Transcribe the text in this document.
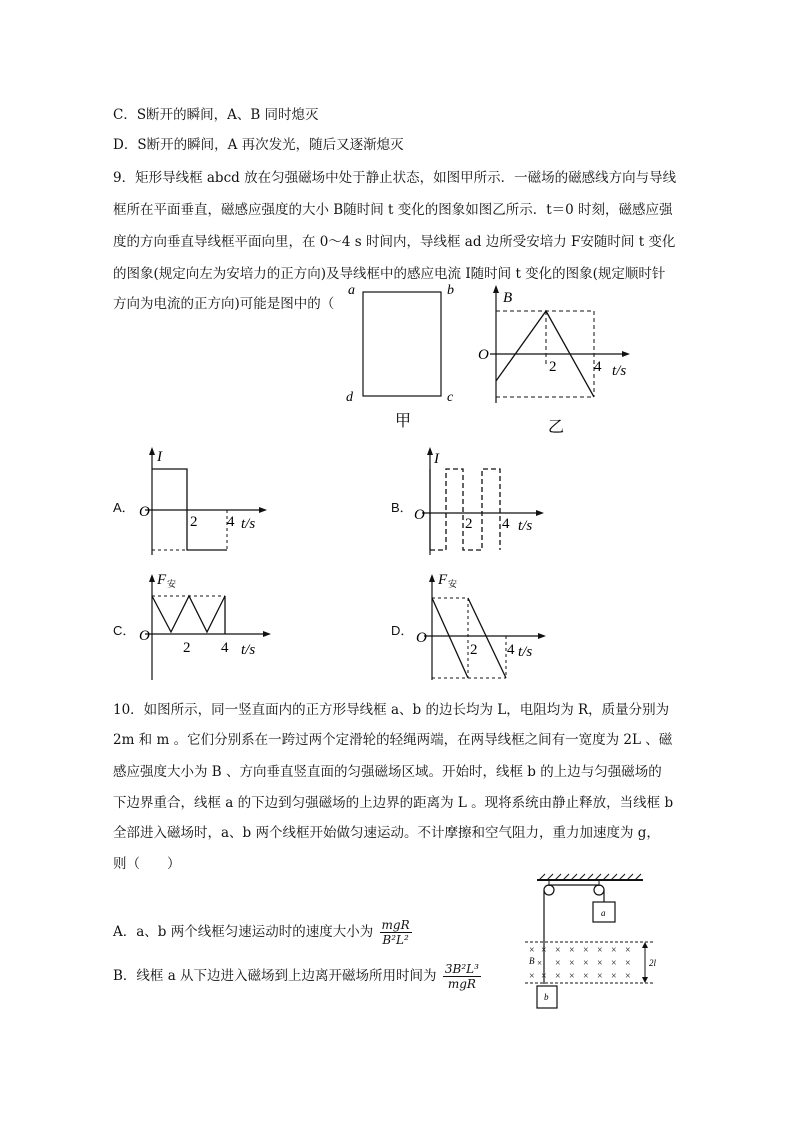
C．S断开的瞬间，A、B 同时熄灭
D．S断开的瞬间，A 再次发光，随后又逐渐熄灭
9．矩形导线框 abcd 放在匀强磁场中处于静止状态，如图甲所示．一磁场的磁感线方向与导线
框所在平面垂直，磁感应强度的大小 B随时间 t 变化的图象如图乙所示．t＝0 时刻，磁感应强
度的方向垂直导线框平面向里，在 0～4 s 时间内，导线框 ad 边所受安培力 F安随时间 t 变化
的图象(规定向左为安培力的正方向)及导线框中的感应电流 I随时间 t 变化的图象(规定顺时针
方向为电流的正方向)可能是图中的（
a	b
c
d
甲
B
O
2	4 t/s
乙
A．
I
O
2 4 t/s
B．
I
O
2 4 t/s
C．
F 安
O
2 4 t/s
D．
F 安
O
2 4 t/s
10．如图所示，同一竖直面内的正方形导线框 a、b 的边长均为 L，电阻均为 R，质量分别为
2m 和 m 。它们分别系在一跨过两个定滑轮的轻绳两端，在两导线框之间有一宽度为 2L 、磁
感应强度大小为 B 、方向垂直竖直面的匀强磁场区域。开始时，线框 b 的上边与匀强磁场的
下边界重合，线框 a 的下边到匀强磁场的上边界的距离为 L 。现将系统由静止释放，当线框 b
全部进入磁场时，a、b 两个线框开始做匀速运动。不计摩擦和空气阻力，重力加速度为 g，
则（　　）
A．a、b 两个线框匀速运动时的速度大小为 $\frac{\text{mgR}}{\text{B²L²}}$
B．线框 a 从下边进入磁场到上边离开磁场所用时间为 $\frac{\text{3B²L³}}{\text{mgR}}$
a
2l
× × × × × × × ×
× × × × × ×
× × × × × × × ×
B ×
b
